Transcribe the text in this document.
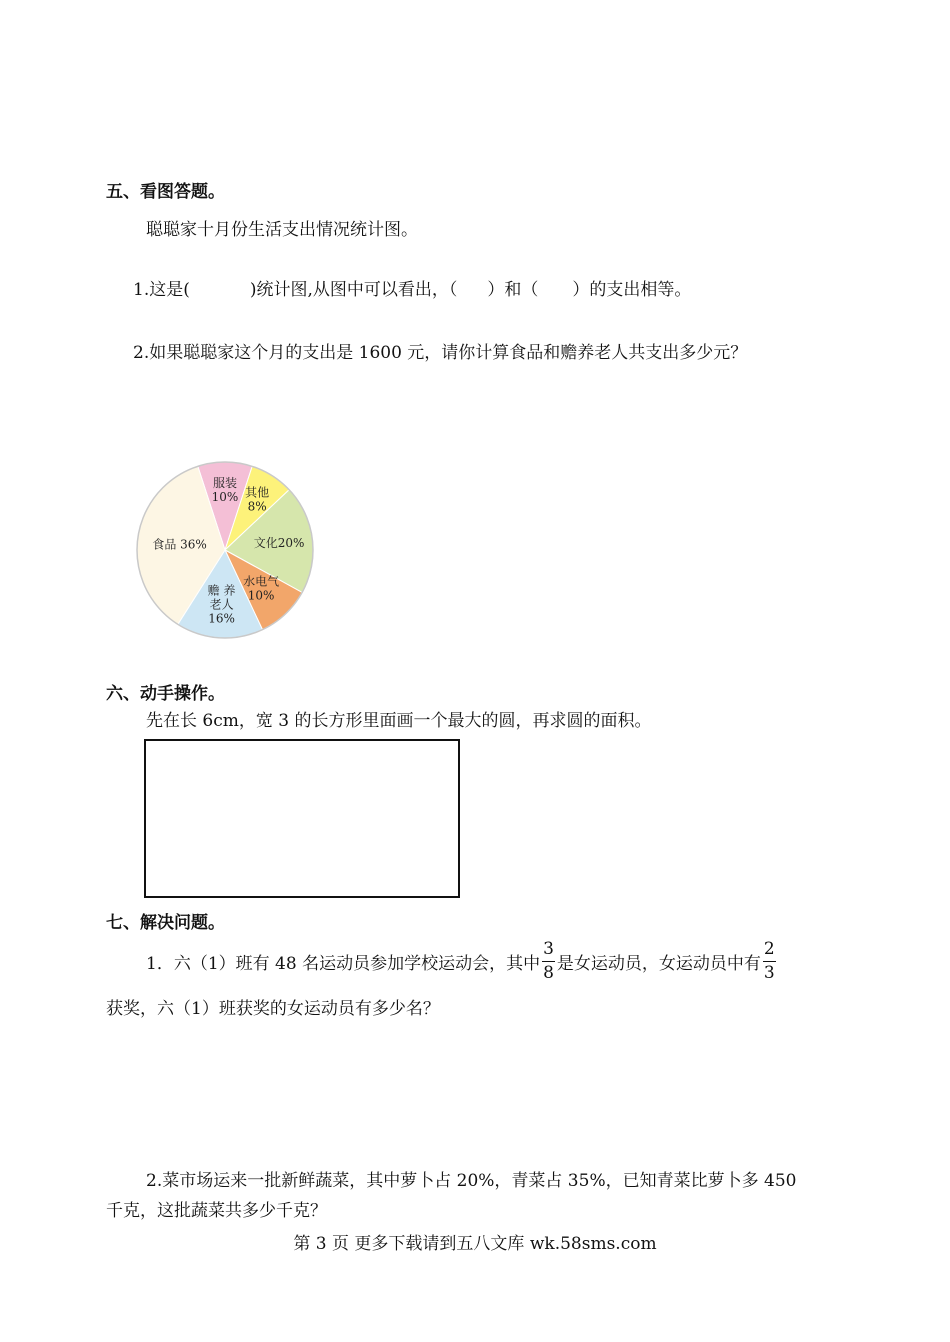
五、看图答题。
聪聪家十月份生活支出情况统计图。
1.这是(	)统计图,从图中可以看出，（ ）和（ ）的支出相等。
2.如果聪聪家这个月的支出是 1600 元，请你计算食品和赡养老人共支出多少元？
服装 10% 其他 8%
文化20%
水电气 10%
赡 养老人 16%
食品 36%
六、动手操作。
先在长 6cm，宽 3 的长方形里面画一个最大的圆，再求圆的面积。
七、解决问题。
1．六（1）班有 48 名运动员参加学校运动会，其中 $\frac{3}{8}$ 是女运动员，女运动员中有 $\frac{2}{3}$
获奖，六（1）班获奖的女运动员有多少名？
2.菜市场运来一批新鲜蔬菜，其中萝卜占 20%，青菜占 35%，已知青菜比萝卜多 450
千克，这批蔬菜共多少千克？
第 3 页 更多下载请到五八文库 wk.58sms.com
